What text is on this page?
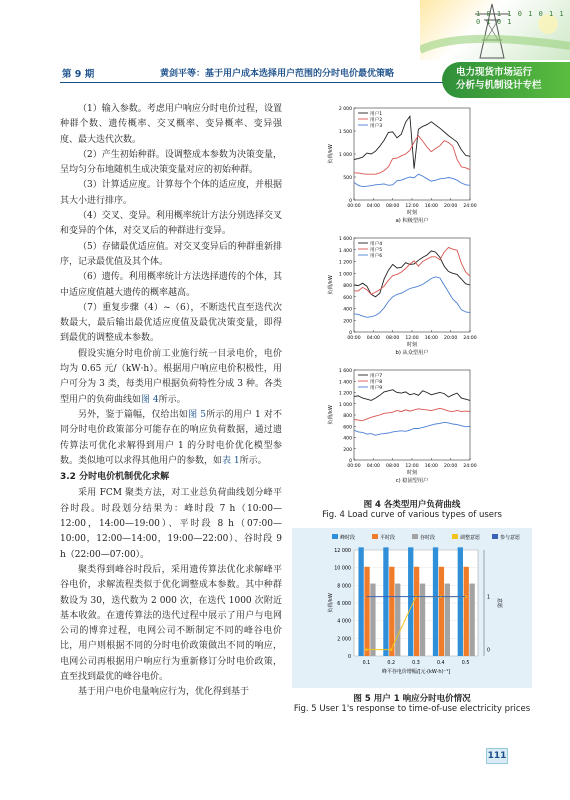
1 0 1 1 0 1 0 1 1 0 1 0 1
第 9 期	黄剑平等：基于用户成本选择用户范围的分时电价最优策略	电力现货市场运行
分析与机制设计专栏

（1）输入参数。考虑用户响应分时电价过程，设置种群个数、遗传概率、交叉概率、变异概率、变异强度、最大迭代次数。

（2）产生初始种群。设调整成本参数为决策变量，呈均匀分布地随机生成决策变量对应的初始种群。

（3）计算适应度。计算每个个体的适应度，并根据其大小进行排序。

（4）交叉、变异。利用概率统计方法分别选择交叉和变异的个体，对交叉后的种群进行变异。

（5）存储最优适应值。对交叉变异后的种群重新排序，记录最优值及其个体。

（6）遗传。利用概率统计方法选择遗传的个体，其中适应度值越大遗传的概率越高。

（7）重复步骤（4）~（6），不断迭代直至迭代次数最大，最后输出最优适应度值及最优决策变量，即得到最优的调整成本参数。

假设实施分时电价前工业施行统一目录电价，电价均为 0.65 元/（kW·h）。根据用户响应电价积极性，用户可分为 3 类，每类用户根据负荷特性分成 3 种。各类型用户的负荷曲线如图 4所示。

另外，鉴于篇幅，仅给出如图 5所示的用户 1 对不同分时电价政策部分可能存在的响应负荷数据，通过遗传算法可优化求解得到用户 1 的分时电价优化模型参数。类似地可以求得其他用户的参数，如表 1所示。

3.2 分时电价机制优化求解

采用 FCM 聚类方法，对工业总负荷曲线划分峰平谷时段。时段划分结果为：峰时段 7 h（10:00—12:00，14:00—19:00）、平时段 8 h（07:00—10:00，12:00—14:00，19:00—22:00）、谷时段 9 h（22:00—07:00）。

聚类得到峰谷时段后，采用遗传算法优化求解峰平谷电价，求解流程类似于优化调整成本参数。其中种群数设为 30，迭代数为 2 000 次，在迭代 1000 次附近基本收敛。在遗传算法的迭代过程中展示了用户与电网公司的博弈过程，电网公司不断制定不同的峰谷电价比，用户则根据不同的分时电价政策做出不同的响应，电网公司再根据用户响应行为重新修订分时电价政策，直至找到最优的峰谷电价。

基于用户电价电量响应行为，优化得到基于

0
500
1 000
1 500
2 000
00:00 04:00 08:00 12:00 16:00 20:00 24:00
时刻
负荷/kW
a) 积极型用户
用户1
用户2
用户3
0
200
400
600
800
1 000
1 200
1 400
1 600
00:00 04:00 08:00 12:00 16:00 20:00 24:00
时刻
负荷/kW
b) 从众型用户
用户4
用户5
用户6
0
200
400
600
800
1 000
1 200
1 400
1 600
00:00 04:00 08:00 12:00 16:00 20:00 24:00
时刻
负荷/kW
c) 稳固型用户
用户7
用户8
用户9
图 4 各类型用户负荷曲线
Fig. 4 Load curve of various types of users
峰时段	平时段	谷时段	调整意愿	参与意愿
0
2 000
4 000
6 000
8 000
10 000
12 000
0.1	0.2	0.3	0.4	0.5
1
0
意愿
负荷/kW
峰平谷电价增幅/[元·(kW·h)⁻¹]
图 5 用户 1 响应分时电价情况
Fig. 5 User 1's response to time-of-use electricity prices
111
